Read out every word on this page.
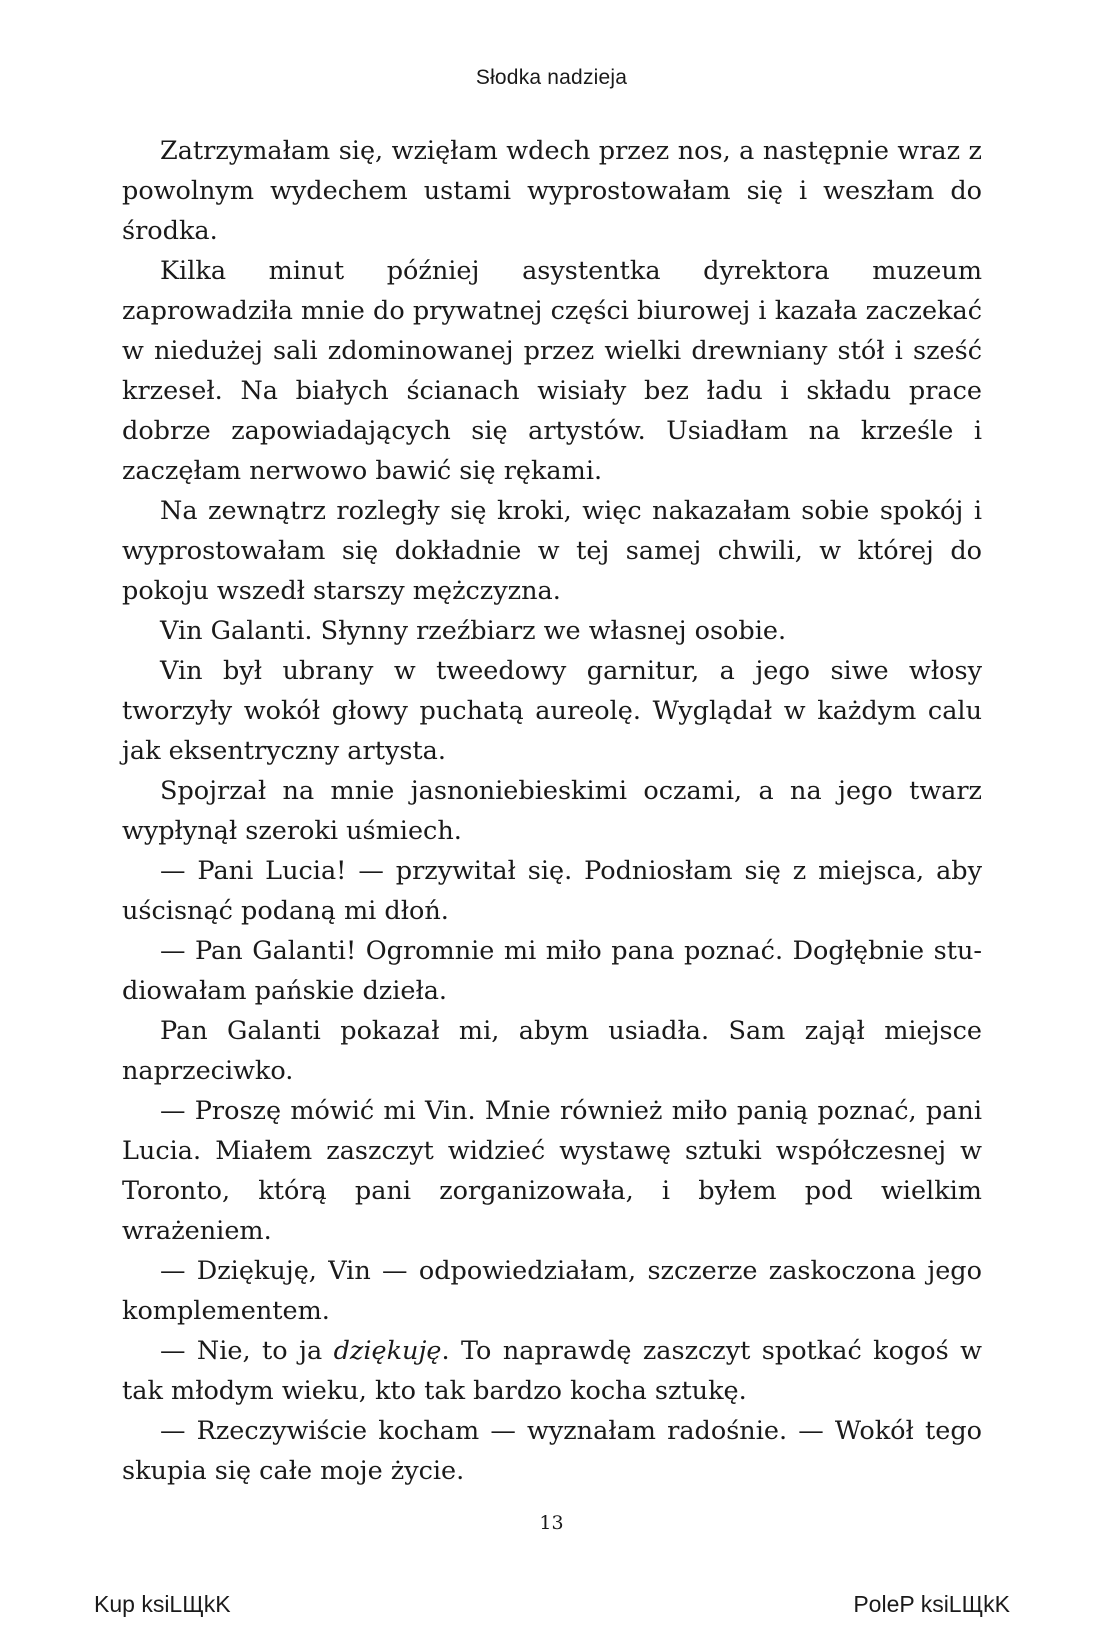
Słodka nadzieja

Zatrzymałam się, wzięłam wdech przez nos, a następnie wraz z powolnym wydechem ustami wyprostowałam się i weszłam do środka.

Kilka minut później asystentka dyrektora muzeum zaprowadziła mnie do prywatnej części biurowej i kazała zaczekać w niedużej sali zdominowanej przez wielki drewniany stół i sześć krzeseł. Na białych ścianach wisiały bez ładu i składu prace dobrze zapowiadających się artystów. Usiadłam na krześle i zaczęłam nerwowo bawić się rękami.

Na zewnątrz rozległy się kroki, więc nakazałam sobie spokój i wyprostowałam się dokładnie w tej samej chwili, w której do pokoju wszedł starszy mężczyzna.

Vin Galanti. Słynny rzeźbiarz we własnej osobie.

Vin był ubrany w tweedowy garnitur, a jego siwe włosy tworzyły wokół głowy puchatą aureolę. Wyglądał w każdym calu jak eksentryczny artysta.

Spojrzał na mnie jasnoniebieskimi oczami, a na jego twarz wypłynął szeroki uśmiech.

— Pani Lucia! — przywitał się. Podniosłam się z miejsca, aby uścisnąć podaną mi dłoń.

— Pan Galanti! Ogromnie mi miło pana poznać. Dogłębnie studiowałam pańskie dzieła.

Pan Galanti pokazał mi, abym usiadła. Sam zajął miejsce naprzeciwko.

— Proszę mówić mi Vin. Mnie również miło panią poznać, pani Lucia. Miałem zaszczyt widzieć wystawę sztuki współczesnej w Toronto, którą pani zorganizowała, i byłem pod wielkim wrażeniem.

— Dziękuję, Vin — odpowiedziałam, szczerze zaskoczona jego komplementem.

— Nie, to ja dziękuję. To naprawdę zaszczyt spotkać kogoś w tak młodym wieku, kto tak bardzo kocha sztukę.

— Rzeczywiście kocham — wyznałam radośnie. — Wokół tego skupia się całe moje życie.

13
Kup ksiLЩkK	PoleP ksiLЩkK
